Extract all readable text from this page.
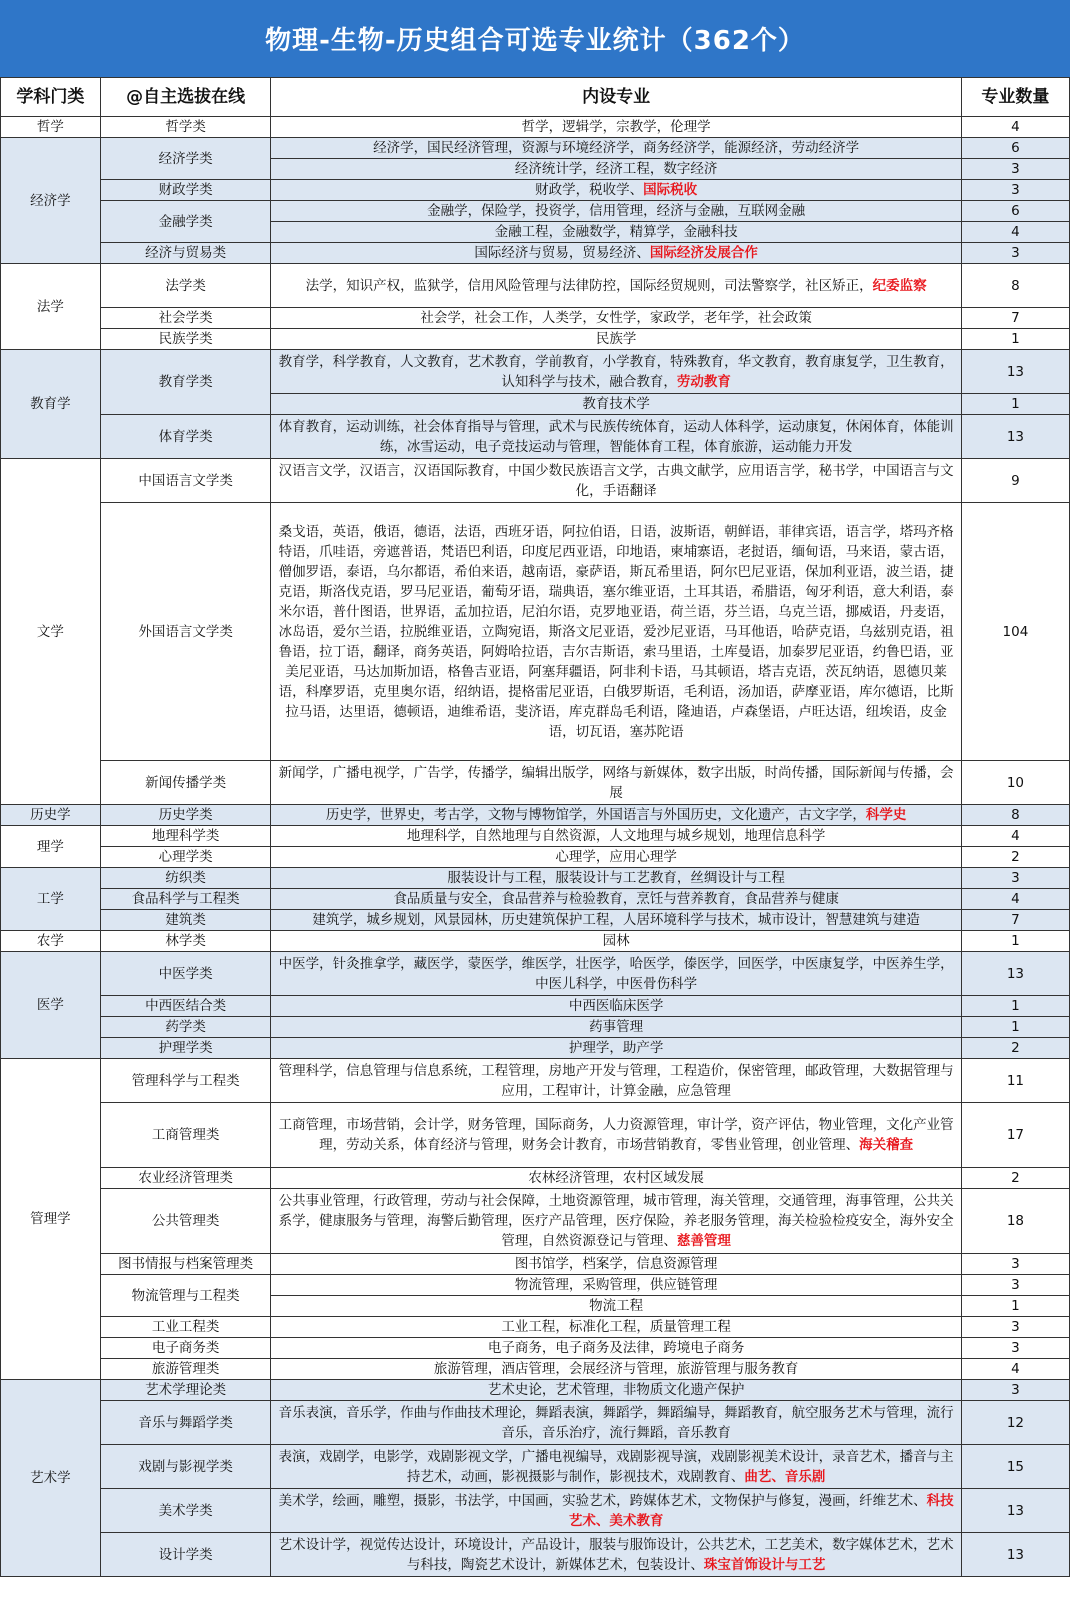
物理-生物-历史组合可选专业统计（362个）
学科门类	@自主选拔在线	内设专业	专业数量
哲学	哲学类	哲学，逻辑学，宗教学，伦理学	4
经济学	经济学类	经济学，国民经济管理，资源与环境经济学，商务经济学，能源经济，劳动经济学	6
		经济统计学，经济工程，数字经济	3
	财政学类	财政学，税收学、国际税收	3
	金融学类	金融学，保险学，投资学，信用管理，经济与金融，互联网金融	6
		金融工程，金融数学，精算学，金融科技	4
	经济与贸易类	国际经济与贸易，贸易经济、国际经济发展合作	3
法学	法学类	法学，知识产权，监狱学，信用风险管理与法律防控，国际经贸规则，司法警察学，社区矫正，纪委监察	8
	社会学类	社会学，社会工作，人类学，女性学，家政学，老年学，社会政策	7
	民族学类	民族学	1
教育学	教育学类	教育学，科学教育，人文教育，艺术教育，学前教育，小学教育，特殊教育，华文教育，教育康复学，卫生教育，认知科学与技术，融合教育，劳动教育	13
		教育技术学	1
	体育学类	体育教育，运动训练，社会体育指导与管理，武术与民族传统体育，运动人体科学，运动康复，休闲体育，体能训练，冰雪运动，电子竞技运动与管理，智能体育工程，体育旅游，运动能力开发	13
文学	中国语言文学类	汉语言文学，汉语言，汉语国际教育，中国少数民族语言文学，古典文献学，应用语言学，秘书学，中国语言与文化，手语翻译	9
	外国语言文学类	桑戈语，英语，俄语，德语，法语，西班牙语，阿拉伯语，日语，波斯语，朝鲜语，菲律宾语，语言学，塔玛齐格特语，爪哇语，旁遮普语，梵语巴利语，印度尼西亚语，印地语，柬埔寨语，老挝语，缅甸语，马来语，蒙古语，僧伽罗语，泰语，乌尔都语，希伯来语，越南语，豪萨语，斯瓦希里语，阿尔巴尼亚语，保加利亚语，波兰语，捷克语，斯洛伐克语，罗马尼亚语，葡萄牙语，瑞典语，塞尔维亚语，土耳其语，希腊语，匈牙利语，意大利语，泰米尔语，普什图语，世界语，孟加拉语，尼泊尔语，克罗地亚语，荷兰语，芬兰语，乌克兰语，挪威语，丹麦语，冰岛语，爱尔兰语，拉脱维亚语，立陶宛语，斯洛文尼亚语，爱沙尼亚语，马耳他语，哈萨克语，乌兹别克语，祖鲁语，拉丁语，翻译，商务英语，阿姆哈拉语，吉尔吉斯语，索马里语，土库曼语，加泰罗尼亚语，约鲁巴语，亚美尼亚语，马达加斯加语，格鲁吉亚语，阿塞拜疆语，阿非利卡语，马其顿语，塔吉克语，茨瓦纳语，恩德贝莱语，科摩罗语，克里奥尔语，绍纳语，提格雷尼亚语，白俄罗斯语，毛利语，汤加语，萨摩亚语，库尔德语，比斯拉马语，达里语，德顿语，迪维希语，斐济语，库克群岛毛利语，隆迪语，卢森堡语，卢旺达语，纽埃语，皮金语，切瓦语，塞苏陀语	104
	新闻传播学类	新闻学，广播电视学，广告学，传播学，编辑出版学，网络与新媒体，数字出版，时尚传播，国际新闻与传播，会展	10
历史学	历史学类	历史学，世界史，考古学，文物与博物馆学，外国语言与外国历史，文化遗产，古文字学，科学史	8
理学	地理科学类	地理科学，自然地理与自然资源，人文地理与城乡规划，地理信息科学	4
	心理学类	心理学，应用心理学	2
工学	纺织类	服装设计与工程，服装设计与工艺教育，丝绸设计与工程	3
	食品科学与工程类	食品质量与安全，食品营养与检验教育，烹饪与营养教育，食品营养与健康	4
	建筑类	建筑学，城乡规划，风景园林，历史建筑保护工程，人居环境科学与技术，城市设计，智慧建筑与建造	7
农学	林学类	园林	1
医学	中医学类	中医学，针灸推拿学，藏医学，蒙医学，维医学，壮医学，哈医学，傣医学，回医学，中医康复学，中医养生学，中医儿科学，中医骨伤科学	13
	中西医结合类	中西医临床医学	1
	药学类	药事管理	1
	护理学类	护理学，助产学	2
管理学	管理科学与工程类	管理科学，信息管理与信息系统，工程管理，房地产开发与管理，工程造价，保密管理，邮政管理，大数据管理与应用，工程审计，计算金融，应急管理	11
	工商管理类	工商管理，市场营销，会计学，财务管理，国际商务，人力资源管理，审计学，资产评估，物业管理，文化产业管理，劳动关系，体育经济与管理，财务会计教育，市场营销教育，零售业管理，创业管理、海关稽查	17
	农业经济管理类	农林经济管理，农村区域发展	2
	公共管理类	公共事业管理，行政管理，劳动与社会保障，土地资源管理，城市管理，海关管理，交通管理，海事管理，公共关系学，健康服务与管理，海警后勤管理，医疗产品管理，医疗保险，养老服务管理，海关检验检疫安全，海外安全管理，自然资源登记与管理、慈善管理	18
	图书情报与档案管理类	图书馆学，档案学，信息资源管理	3
	物流管理与工程类	物流管理，采购管理，供应链管理	3
		物流工程	1
	工业工程类	工业工程，标准化工程，质量管理工程	3
	电子商务类	电子商务，电子商务及法律，跨境电子商务	3
	旅游管理类	旅游管理，酒店管理，会展经济与管理，旅游管理与服务教育	4
艺术学	艺术学理论类	艺术史论，艺术管理，非物质文化遗产保护	3
	音乐与舞蹈学类	音乐表演，音乐学，作曲与作曲技术理论，舞蹈表演，舞蹈学，舞蹈编导，舞蹈教育，航空服务艺术与管理，流行音乐，音乐治疗，流行舞蹈，音乐教育	12
	戏剧与影视学类	表演，戏剧学，电影学，戏剧影视文学，广播电视编导，戏剧影视导演，戏剧影视美术设计，录音艺术，播音与主持艺术，动画，影视摄影与制作，影视技术，戏剧教育、曲艺、音乐剧	15
	美术学类	美术学，绘画，雕塑，摄影，书法学，中国画，实验艺术，跨媒体艺术，文物保护与修复，漫画，纤维艺术、科技艺术、美术教育	13
	设计学类	艺术设计学，视觉传达设计，环境设计，产品设计，服装与服饰设计，公共艺术，工艺美术，数字媒体艺术，艺术与科技，陶瓷艺术设计，新媒体艺术，包装设计、珠宝首饰设计与工艺	13
